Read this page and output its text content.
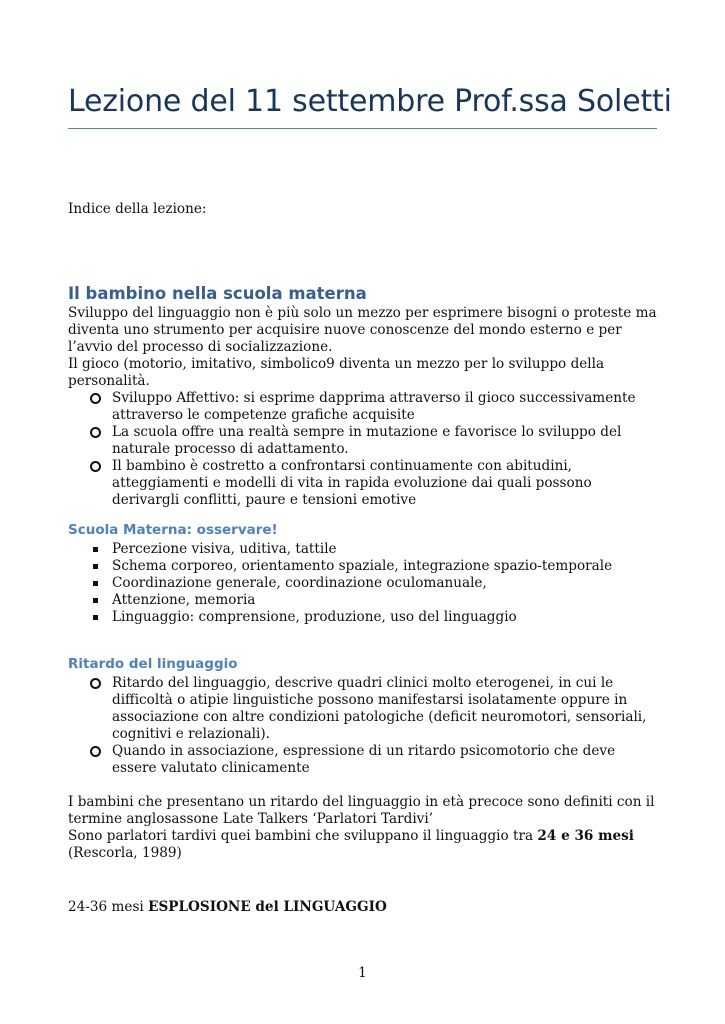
Lezione del 11 settembre Prof.ssa Soletti
Indice della lezione:
Il bambino nella scuola materna

Sviluppo del linguaggio non è più solo un mezzo per esprimere bisogni o proteste ma diventa uno strumento per acquisire nuove conoscenze del mondo esterno e per l’avvio del processo di socializzazione.

Il gioco (motorio, imitativo, simbolico9 diventa un mezzo per lo sviluppo della personalità.

Sviluppo Affettivo: si esprime dapprima attraverso il gioco successivamente attraverso le competenze grafiche acquisite
La scuola offre una realtà sempre in mutazione e favorisce lo sviluppo del naturale processo di adattamento.
Il bambino è costretto a confrontarsi continuamente con abitudini, atteggiamenti e modelli di vita in rapida evoluzione dai quali possono derivargli conflitti, paure e tensioni emotive
Scuola Materna: osservare!
Percezione visiva, uditiva, tattile
Schema corporeo, orientamento spaziale, integrazione spazio-temporale
Coordinazione generale, coordinazione oculomanuale,
Attenzione, memoria
Linguaggio: comprensione, produzione, uso del linguaggio
Ritardo del linguaggio
Ritardo del linguaggio, descrive quadri clinici molto eterogenei, in cui le difficoltà o atipie linguistiche possono manifestarsi isolatamente oppure in associazione con altre condizioni patologiche (deficit neuromotori, sensoriali, cognitivi e relazionali).
Quando in associazione, espressione di un ritardo psicomotorio che deve essere valutato clinicamente

I bambini che presentano un ritardo del linguaggio in età precoce sono definiti con il termine anglosassone Late Talkers ‘Parlatori Tardivi’

Sono parlatori tardivi quei bambini che sviluppano il linguaggio tra 24 e 36 mesi (Rescorla, 1989)

24-36 mesi ESPLOSIONE del LINGUAGGIO
1
